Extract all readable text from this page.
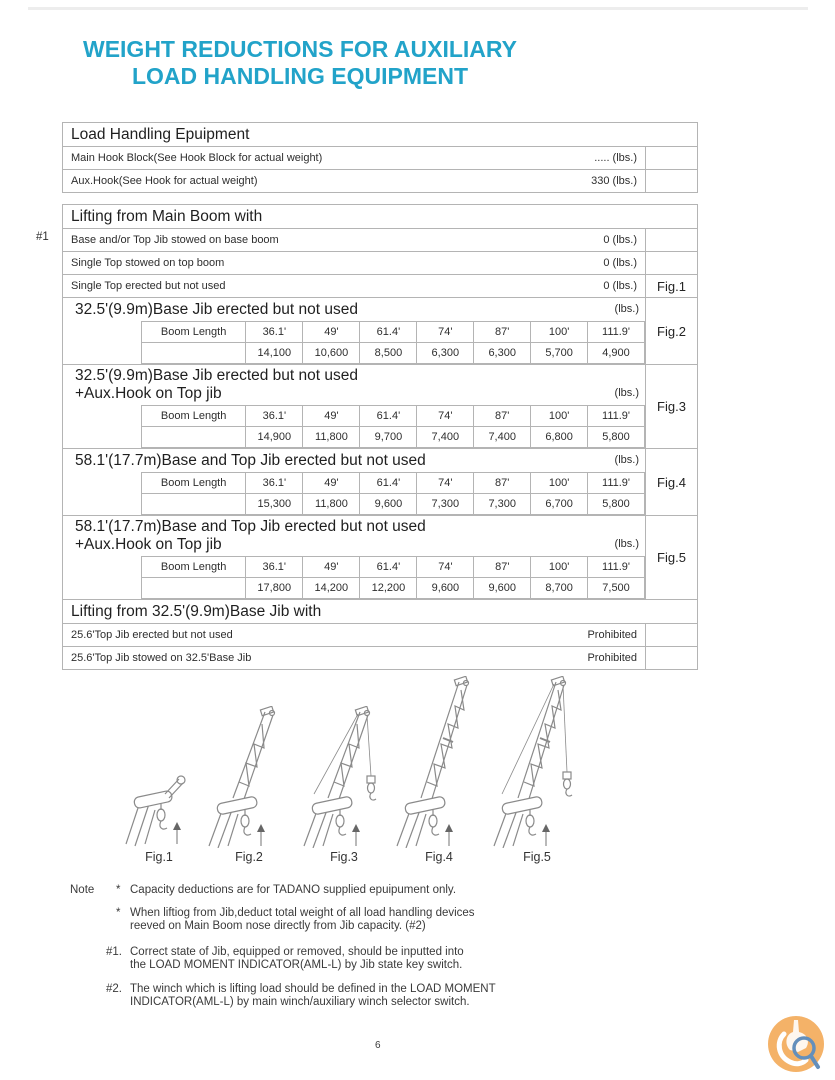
WEIGHT REDUCTIONS FOR AUXILIARY
LOAD HANDLING EQUIPMENT
Load Handling Epuipment	

Main Hook Block(See Hook Block for actual weight) ..... (lbs.)	

Aux.Hook(See Hook for actual weight) 330 (lbs.)	

#1
Lifting from Main Boom with

Base and/or Top Jib stowed on base boom	0 (lbs.)

Single Top stowed on top boom	0 (lbs.)

Single Top erected but not used	0 (lbs.)	Fig.1

32.5'(9.9m)Base Jib erected but not used	(lbs.)
Boom Length	36.1'	49'	61.4'	74'	87'	100'	111.9'
	14,100	10,600	8,500	6,300	6,300	5,700	4,900
	Fig.2

32.5'(9.9m)Base Jib erected but not used
+Aux.Hook on Top jib	(lbs.)
Boom Length	36.1'	49'	61.4'	74'	87'	100'	111.9'
	14,900	11,800	9,700	7,400	7,400	6,800	5,800
	Fig.3

58.1'(17.7m)Base and Top Jib erected but not used	(lbs.)
Boom Length	36.1'	49'	61.4'	74'	87'	100'	111.9'
	15,300	11,800	9,600	7,300	7,300	6,700	5,800
	Fig.4

58.1'(17.7m)Base and Top Jib erected but not used
+Aux.Hook on Top jib	(lbs.)
Boom Length	36.1'	49'	61.4'	74'	87'	100'	111.9'
	17,800	14,200	12,200	9,600	9,600	8,700	7,500
	Fig.5
Lifting from 32.5'(9.9m)Base Jib with

25.6'Top Jib erected but not used	Prohibited

25.6'Top Jib stowed on 32.5'Base Jib	Prohibited

Fig.1	Fig.2	Fig.3	Fig.4	Fig.5
Note	* Capacity deductions are for TADANO supplied epuipument only.
* When liftiog from Jib,deduct total weight of all load handling devices
reeved on Main Boom nose directly from Jib capacity. (#2)
#1. Correct state of Jib, equipped or removed, should be inputted into
the LOAD MOMENT INDICATOR(AML-L) by Jib state key switch.
#2. The winch which is lifting load should be defined in the LOAD MOMENT
INDICATOR(AML-L) by main winch/auxiliary winch selector switch.
6
